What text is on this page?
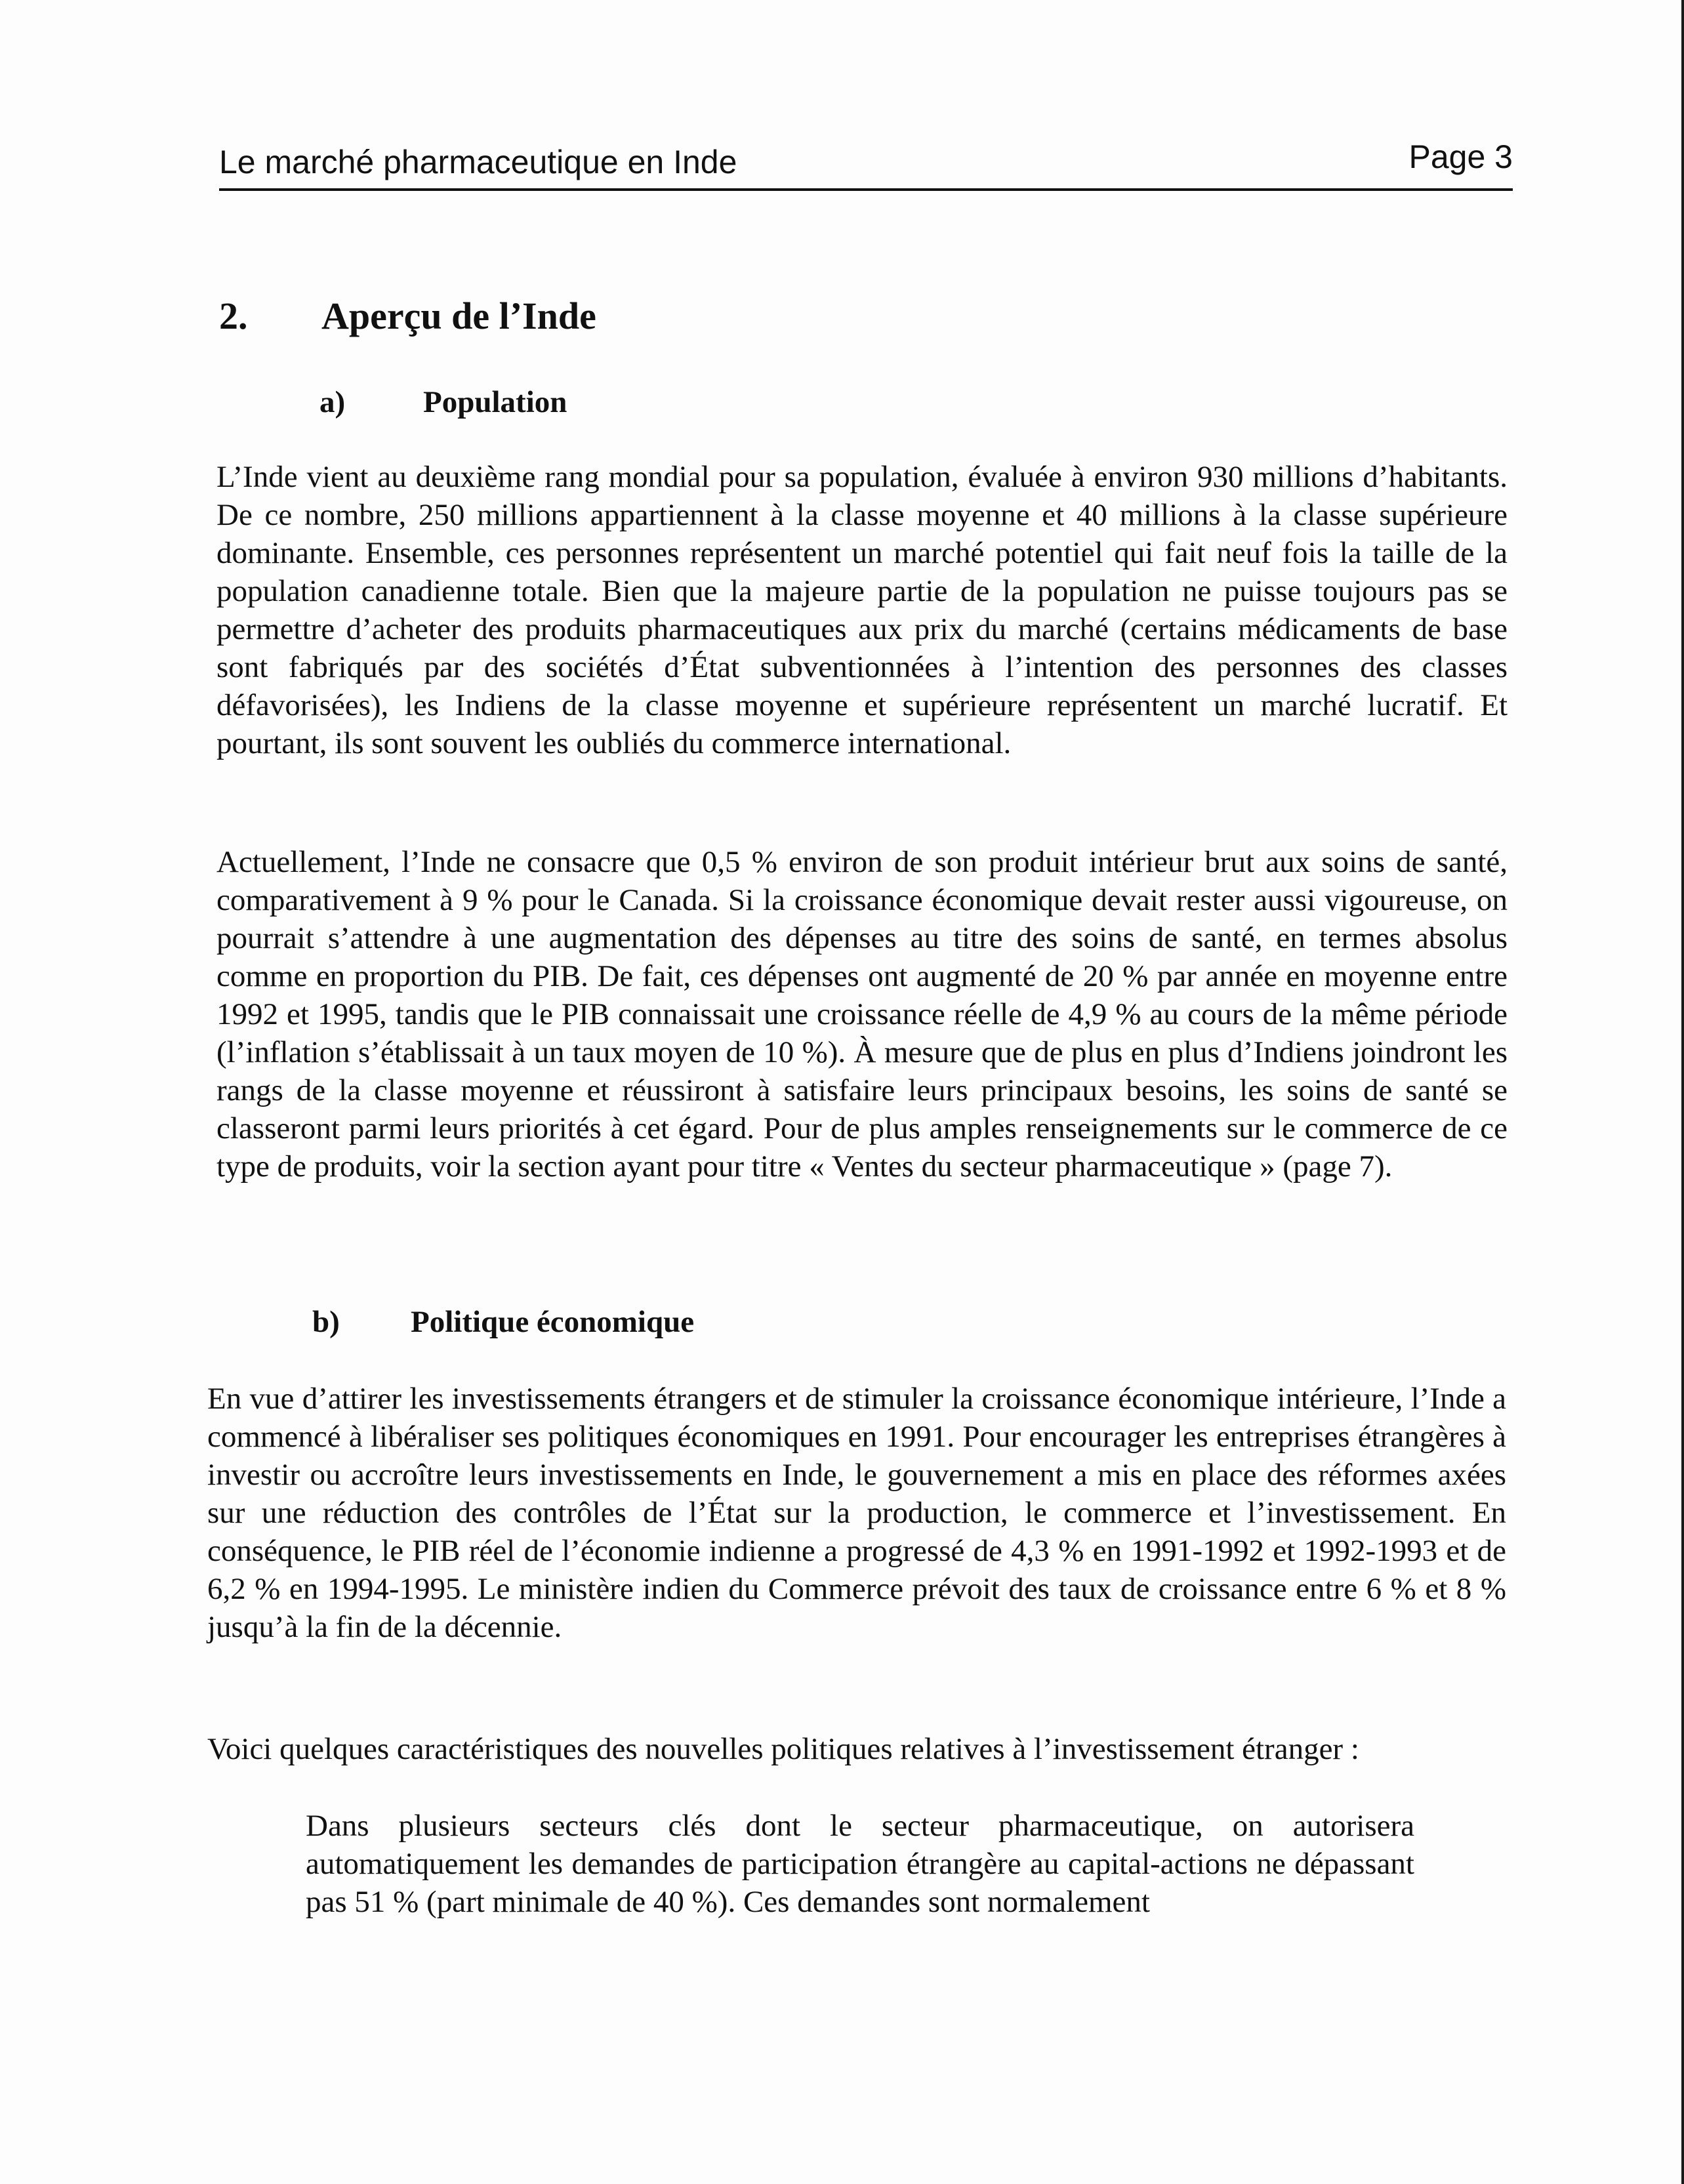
Le marché pharmaceutique en Inde	Page 3
2. Aperçu de l’Inde
a)	Population

L’Inde vient au deuxième rang mondial pour sa population, évaluée à environ 930 millions d’habitants. De ce nombre, 250 millions appartiennent à la classe moyenne et 40 millions à la classe supérieure dominante. Ensemble, ces personnes représentent un marché potentiel qui fait neuf fois la taille de la population canadienne totale. Bien que la majeure partie de la population ne puisse toujours pas se permettre d’acheter des produits pharmaceutiques aux prix du marché (certains médicaments de base sont fabriqués par des sociétés d’État subventionnées à l’intention des personnes des classes défavorisées), les Indiens de la classe moyenne et supérieure représentent un marché lucratif. Et pourtant, ils sont souvent les oubliés du commerce international.

Actuellement, l’Inde ne consacre que 0,5 % environ de son produit intérieur brut aux soins de santé, comparativement à 9 % pour le Canada. Si la croissance économique devait rester aussi vigoureuse, on pourrait s’attendre à une augmentation des dépenses au titre des soins de santé, en termes absolus comme en proportion du PIB. De fait, ces dépenses ont augmenté de 20 % par année en moyenne entre 1992 et 1995, tandis que le PIB connaissait une croissance réelle de 4,9 % au cours de la même période (l’inflation s’établissait à un taux moyen de 10 %). À mesure que de plus en plus d’Indiens joindront les rangs de la classe moyenne et réussiront à satisfaire leurs principaux besoins, les soins de santé se classeront parmi leurs priorités à cet égard. Pour de plus amples renseignements sur le commerce de ce type de produits, voir la section ayant pour titre « Ventes du secteur pharmaceutique » (page 7).

b) Politique économique

En vue d’attirer les investissements étrangers et de stimuler la croissance économique intérieure, l’Inde a commencé à libéraliser ses politiques économiques en 1991. Pour encourager les entreprises étrangères à investir ou accroître leurs investissements en Inde, le gouvernement a mis en place des réformes axées sur une réduction des contrôles de l’État sur la production, le commerce et l’investissement. En conséquence, le PIB réel de l’économie indienne a progressé de 4,3 % en 1991-1992 et 1992-1993 et de 6,2 % en 1994-1995. Le ministère indien du Commerce prévoit des taux de croissance entre 6 % et 8 % jusqu’à la fin de la décennie.

Voici quelques caractéristiques des nouvelles politiques relatives à l’investissement étranger :

Dans plusieurs secteurs clés dont le secteur pharmaceutique, on autorisera automatiquement les demandes de participation étrangère au capital-actions ne dépassant pas 51 % (part minimale de 40 %). Ces demandes sont normalement
